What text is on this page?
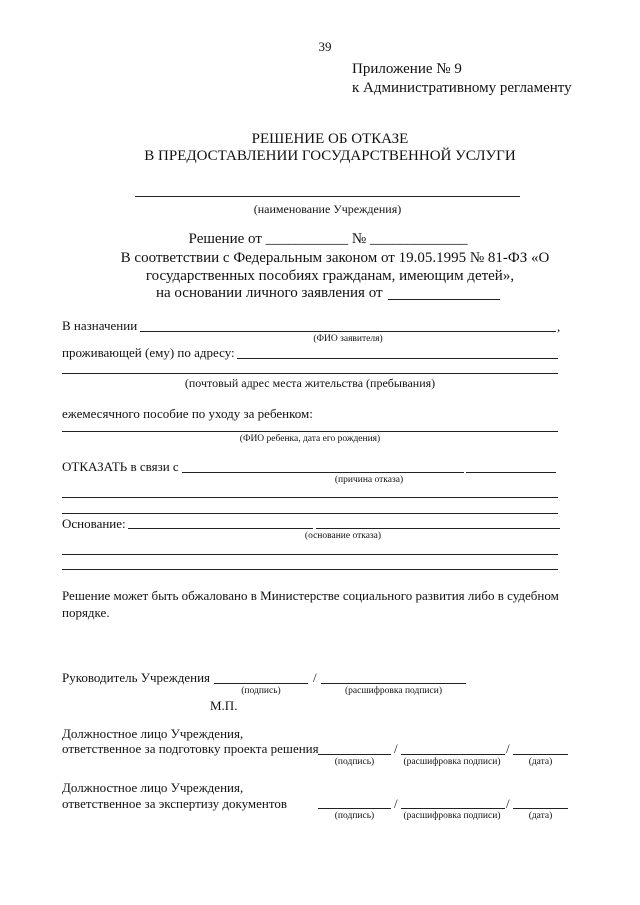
39
Приложение № 9
к Административному регламенту
РЕШЕНИЕ ОБ ОТКАЗЕ
В ПРЕДОСТАВЛЕНИИ ГОСУДАРСТВЕННОЙ УСЛУГИ
(наименование Учреждения)
Решение от ___________ № _____________
В соответствии с Федеральным законом от 19.05.1995 № 81-ФЗ «О
государственных пособиях гражданам, имеющим детей»,
на основании личного заявления от
В назначении	,
(ФИО заявителя)
проживающей (ему) по адресу:
(почтовый адрес места жительства (пребывания)
ежемесячного пособие по уходу за ребенком:
(ФИО ребенка, дата его рождения)
ОТКАЗАТЬ в связи с
(причина отказа)
Основание:
(основание отказа)
Решение может быть обжаловано в Министерстве социального развития либо в судебном
порядке.
Руководитель Учреждения	/
(подпись)	(расшифровка подписи)
М.П.
Должностное лицо Учреждения,
ответственное за подготовку проекта решения	/	/
(подпись)	(расшифровка подписи)	(дата)
Должностное лицо Учреждения,
ответственное за экспертизу документов	/	/
(подпись)	(расшифровка подписи)	(дата)
